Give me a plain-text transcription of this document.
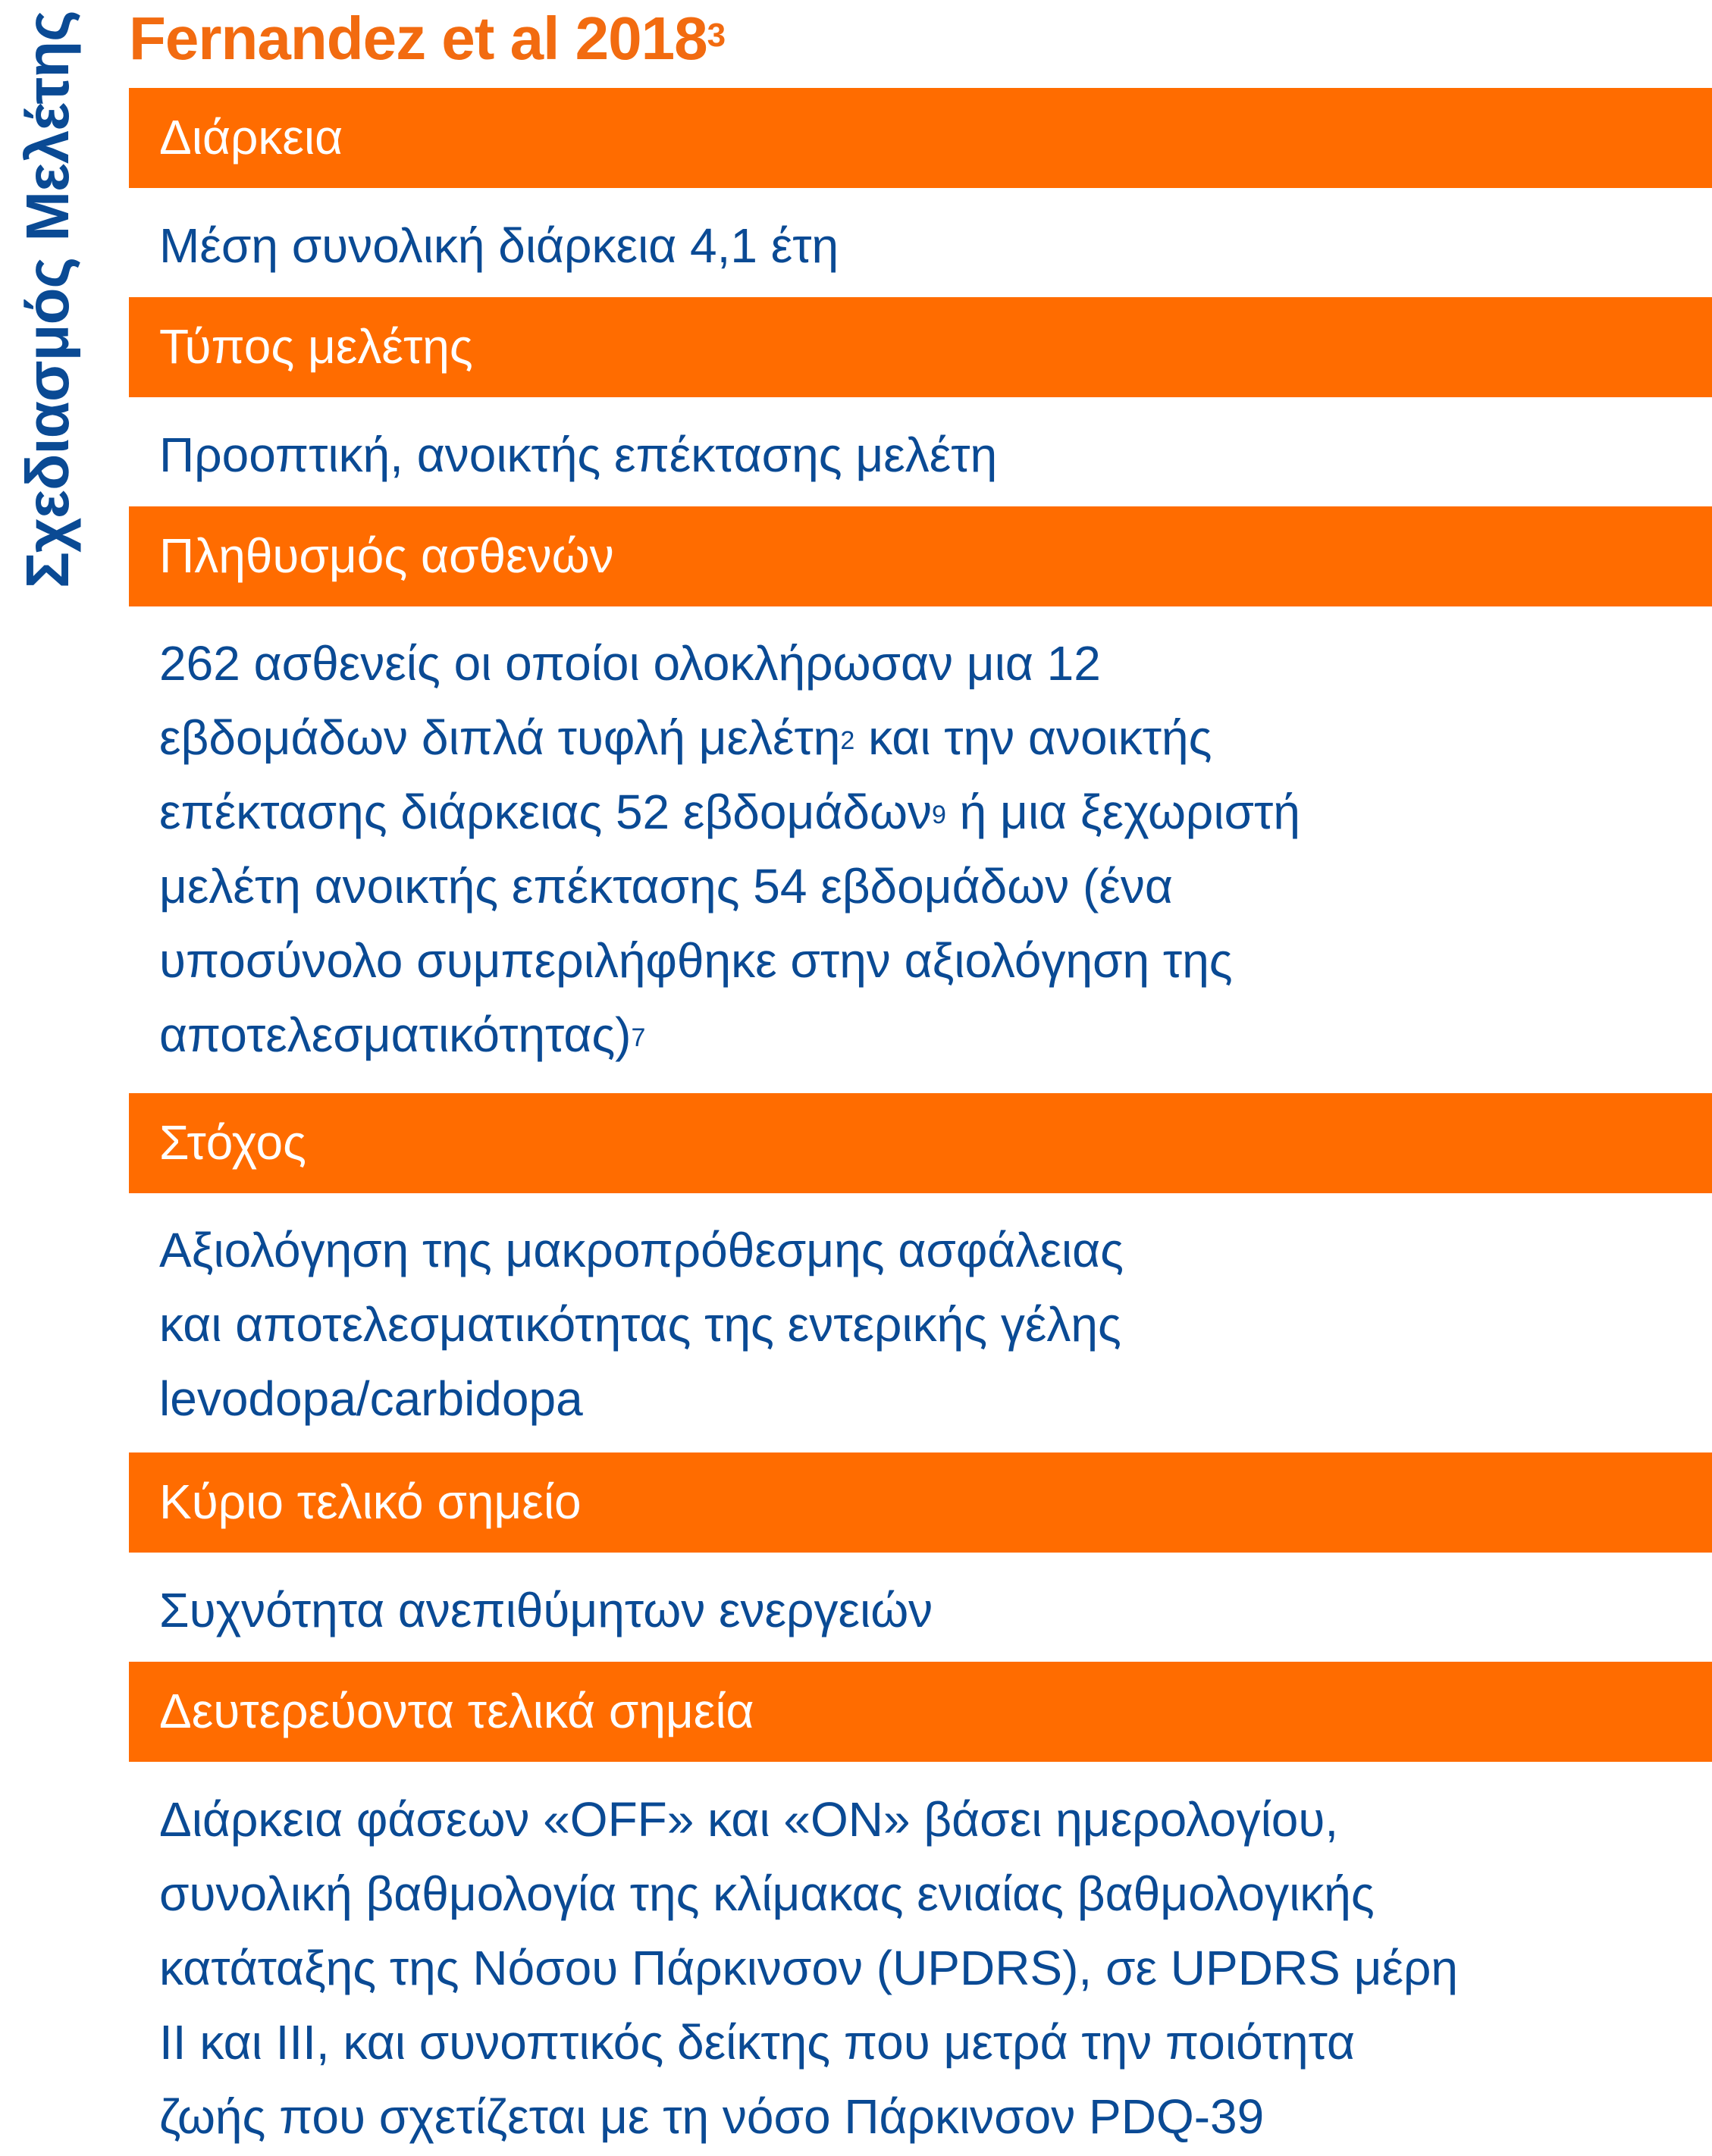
Σχεδιασμός Μελέτης Fernandez et al 2018$^3$
Διάρκεια
Μέση συνολική διάρκεια 4,1 έτη
Τύπος μελέτης
Προοπτική, ανοικτής επέκτασης μελέτη
Πληθυσμός ασθενών
262 ασθενείς οι οποίοι ολοκλήρωσαν μια 12
εβδομάδων διπλά τυφλή μελέτη$^2$ και την ανοικτής
επέκτασης διάρκειας 52 εβδομάδων$^9$ ή μια ξεχωριστή
μελέτη ανοικτής επέκτασης 54 εβδομάδων (ένα
υποσύνολο συμπεριλήφθηκε στην αξιολόγηση της
αποτελεσματικότητας)$^7$
Στόχος
Αξιολόγηση της μακροπρόθεσμης ασφάλειας
και αποτελεσματικότητας της εντερικής γέλης
levodopa/carbidopa
Κύριο τελικό σημείο
Συχνότητα ανεπιθύμητων ενεργειών
Δευτερεύοντα τελικά σημεία
Διάρκεια φάσεων «OFF» και «ON» βάσει ημερολογίου,
συνολική βαθμολογία της κλίμακας ενιαίας βαθμολογικής
κατάταξης της Νόσου Πάρκινσον (UPDRS), σε UPDRS μέρη
II και III, και συνοπτικός δείκτης που μετρά την ποιότητα
ζωής που σχετίζεται με τη νόσο Πάρκινσον PDQ-39
